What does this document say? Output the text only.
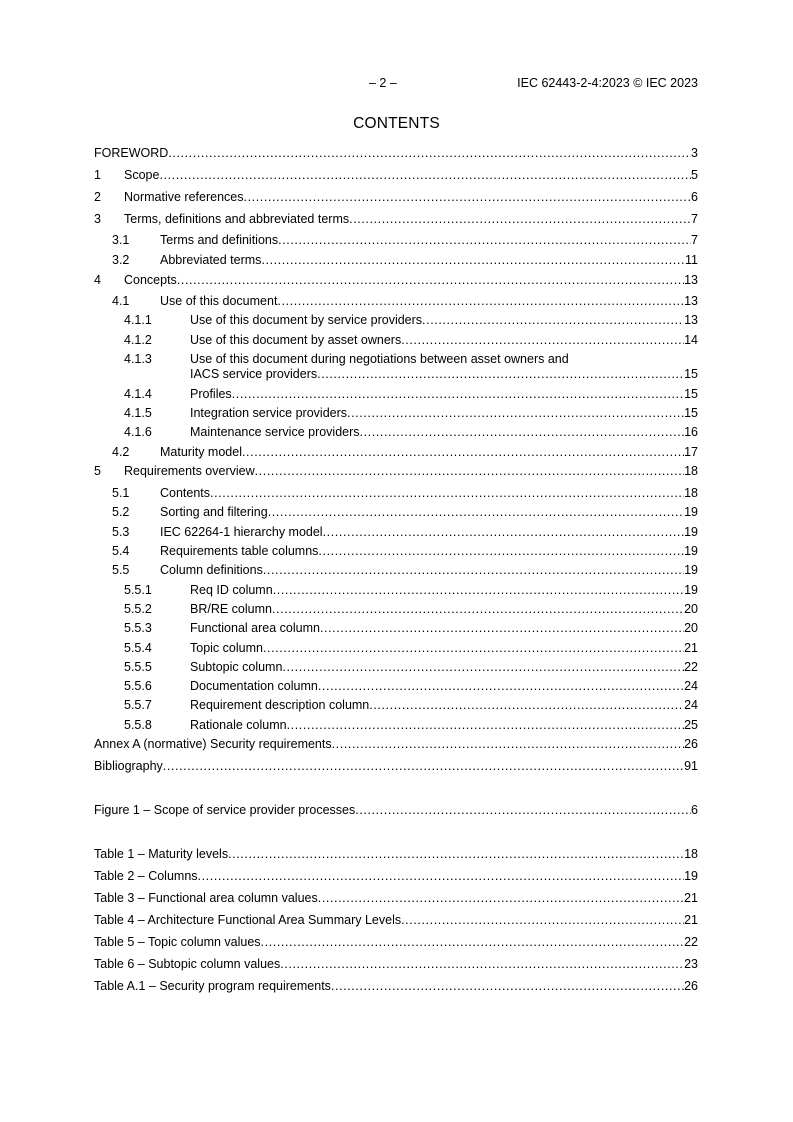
– 2 –	IEC 62443-2-4:2023 © IEC 2023
CONTENTS
FOREWORD .....	3
1 Scope .....	5
2 Normative references .....	6
3 Terms, definitions and abbreviated terms .....	7
3.1 Terms and definitions .....	7
3.2 Abbreviated terms .....	11
4 Concepts .....	13
4.1 Use of this document .....	13
4.1.1	Use of this document by service providers .....	13
4.1.2	Use of this document by asset owners .....	14
4.1.3	Use of this document during negotiations between asset owners and
IACS service providers .....	15
4.1.4	Profiles .....	15
4.1.5	Integration service providers .....	15
4.1.6	Maintenance service providers .....	16
4.2 Maturity model .....	17
5 Requirements overview .....	18
5.1 Contents .....	18
5.2 Sorting and filtering .....	19
5.3 IEC 62264-1 hierarchy model .....	19
5.4 Requirements table columns .....	19
5.5 Column definitions .....	19
5.5.1	Req ID column .....	19
5.5.2	BR/RE column .....	20
5.5.3	Functional area column .....	20
5.5.4	Topic column .....	21
5.5.5	Subtopic column .....	22
5.5.6	Documentation column .....	24
5.5.7	Requirement description column .....	24
5.5.8	Rationale column .....	25
Annex A (normative) Security requirements .....	26
Bibliography .....	91
Figure 1 – Scope of service provider processes .....	6
Table 1 – Maturity levels .....	18
Table 2 – Columns .....	19
Table 3 – Functional area column values .....	21
Table 4 – Architecture Functional Area Summary Levels .....	21
Table 5 – Topic column values .....	22
Table 6 – Subtopic column values .....	23
Table A.1 – Security program requirements .....	26
